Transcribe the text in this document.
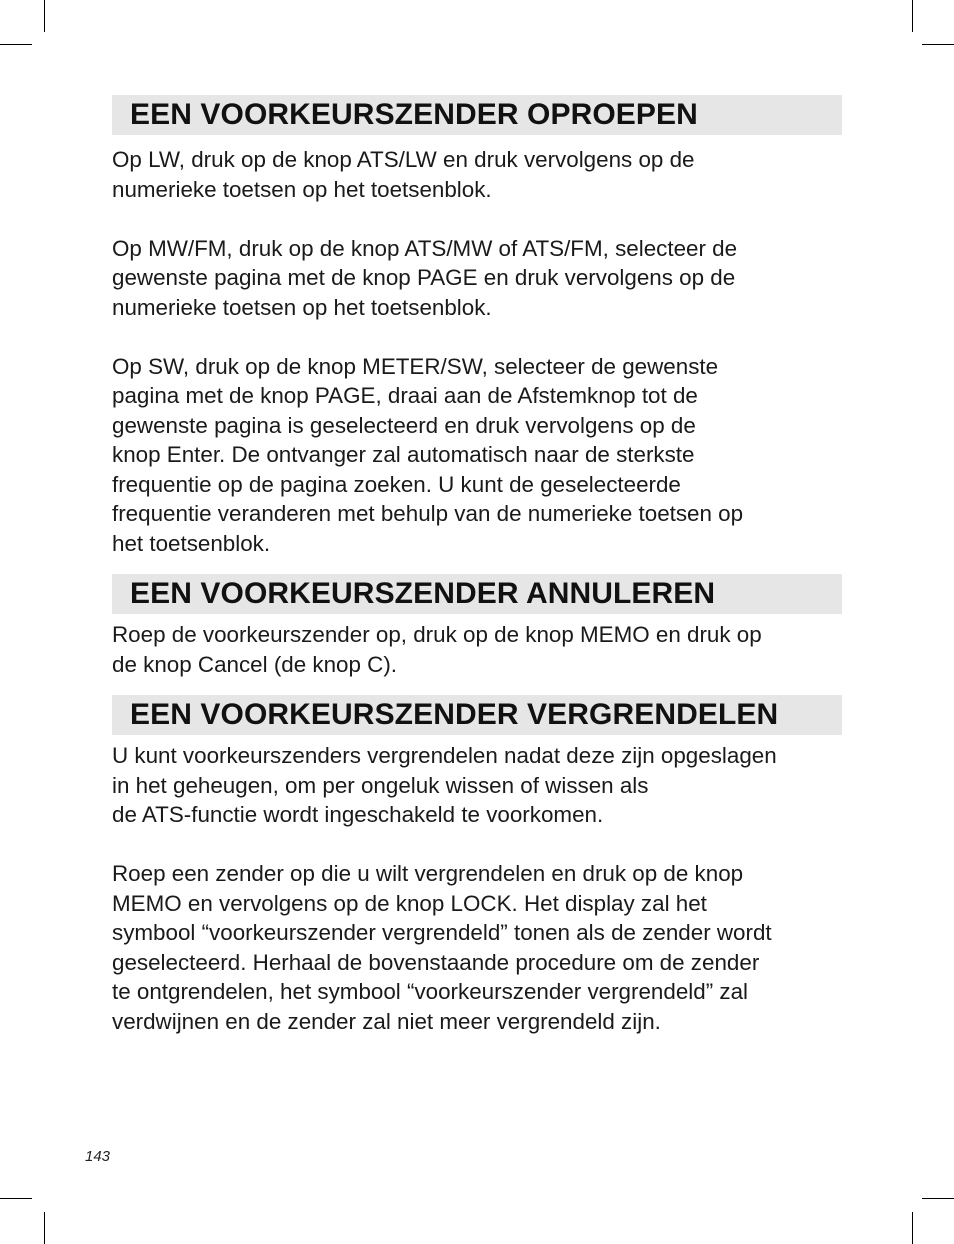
EEN VOORKEURSZENDER OPROEPEN

Op LW, druk op de knop ATS/LW en druk vervolgens op de
numerieke toetsen op het toetsenblok.

Op MW/FM, druk op de knop ATS/MW of ATS/FM, selecteer de
gewenste pagina met de knop PAGE en druk vervolgens op de
numerieke toetsen op het toetsenblok.

Op SW, druk op de knop METER/SW, selecteer de gewenste
pagina met de knop PAGE, draai aan de Afstemknop tot de
gewenste pagina is geselecteerd en druk vervolgens op de
knop Enter. De ontvanger zal automatisch naar de sterkste
frequentie op de pagina zoeken. U kunt de geselecteerde
frequentie veranderen met behulp van de numerieke toetsen op
het toetsenblok.

EEN VOORKEURSZENDER ANNULEREN

Roep de voorkeurszender op, druk op de knop MEMO en druk op
de knop Cancel (de knop C).

EEN VOORKEURSZENDER VERGRENDELEN

U kunt voorkeurszenders vergrendelen nadat deze zijn opgeslagen
in het geheugen, om per ongeluk wissen of wissen als
de ATS-functie wordt ingeschakeld te voorkomen.

Roep een zender op die u wilt vergrendelen en druk op de knop
MEMO en vervolgens op de knop LOCK. Het display zal het
symbool “voorkeurszender vergrendeld” tonen als de zender wordt
geselecteerd. Herhaal de bovenstaande procedure om de zender
te ontgrendelen, het symbool “voorkeurszender vergrendeld” zal
verdwijnen en de zender zal niet meer vergrendeld zijn.

143
